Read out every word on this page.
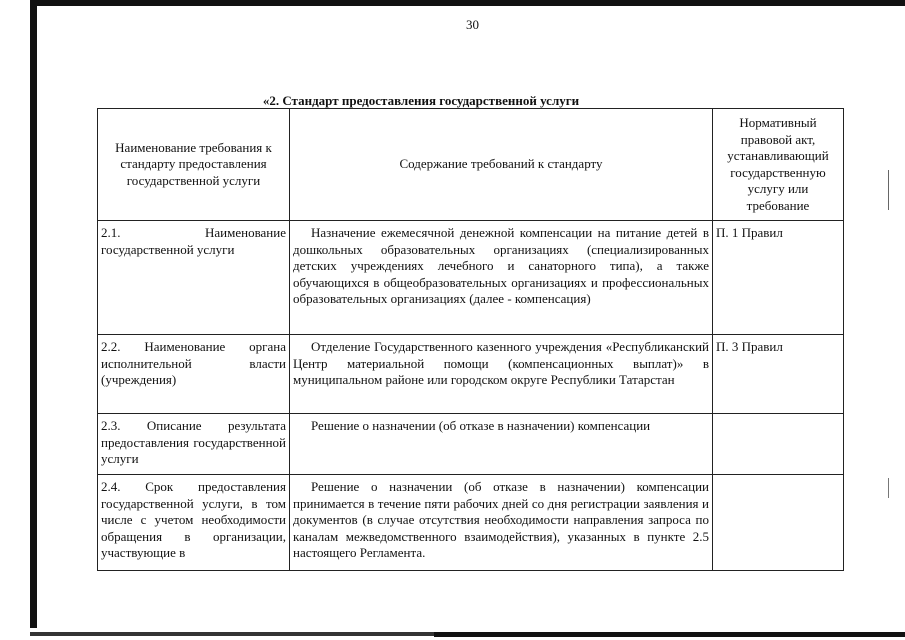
30
«2. Стандарт предоставления государственной услуги
Наименование требования к стандарту предоставления государственной услуги	Содержание требований к стандарту	Нормативный правовой акт, устанавливающий государственную услугу или требование
2.1. Наименование государственной услуги	Назначение ежемесячной денежной компенсации на питание детей в дошкольных образовательных организациях (специализированных детских учреждениях лечебного и санаторного типа), а также обучающихся в общеобразовательных организациях и профессиональных образовательных организациях (далее - компенсация)	П. 1 Правил
2.2. Наименование органа исполнительной власти (учреждения)	Отделение Государственного казенного учреждения «Республиканский Центр материальной помощи (компенсационных выплат)» в муниципальном районе или городском округе Республики Татарстан	П. 3 Правил
2.3. Описание результата предоставления государственной услуги	Решение о назначении (об отказе в назначении) компенсации	
2.4. Срок предоставления государственной услуги, в том числе с учетом необходимости обращения в организации, участвующие в	Решение о назначении (об отказе в назначении) компенсации принимается в течение пяти рабочих дней со дня регистрации заявления и документов (в случае отсутствия необходимости направления запроса по каналам межведомственного взаимодействия), указанных в пункте 2.5 настоящего Регламента.	
